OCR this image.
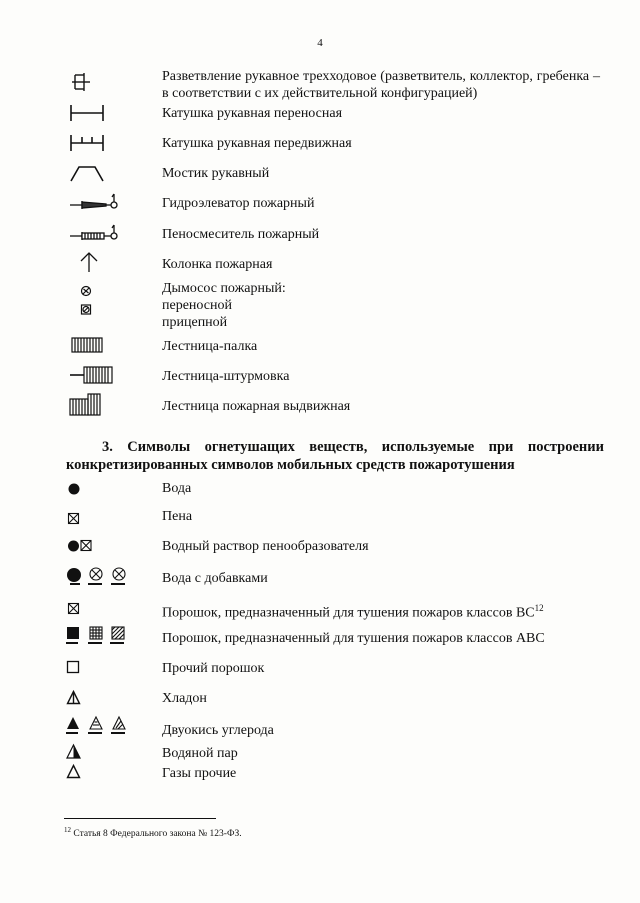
4
Разветвление рукавное трехходовое (разветвитель, коллектор, гребенка – в соответствии с их действительной конфигурацией)
Катушка рукавная переносная
Катушка рукавная передвижная
Мостик рукавный
Гидроэлеватор пожарный
Пеносмеситель пожарный
Колонка пожарная
Дымосос пожарный:
переносной
прицепной
Лестница-палка
Лестница-штурмовка
Лестница пожарная выдвижная
3. Символы огнетушащих веществ, используемые при построении конкретизированных символов мобильных средств пожаротушения
Вода
Пена
Водный раствор пенообразователя
Вода с добавками
Порошок, предназначенный для тушения пожаров классов ВС$^{12}$
Порошок, предназначенный для тушения пожаров классов АВС
Прочий порошок
Хладон
Двуокись углерода
Водяной пар
Газы прочие
$^{12}$ Статья 8 Федерального закона № 123-ФЗ.
